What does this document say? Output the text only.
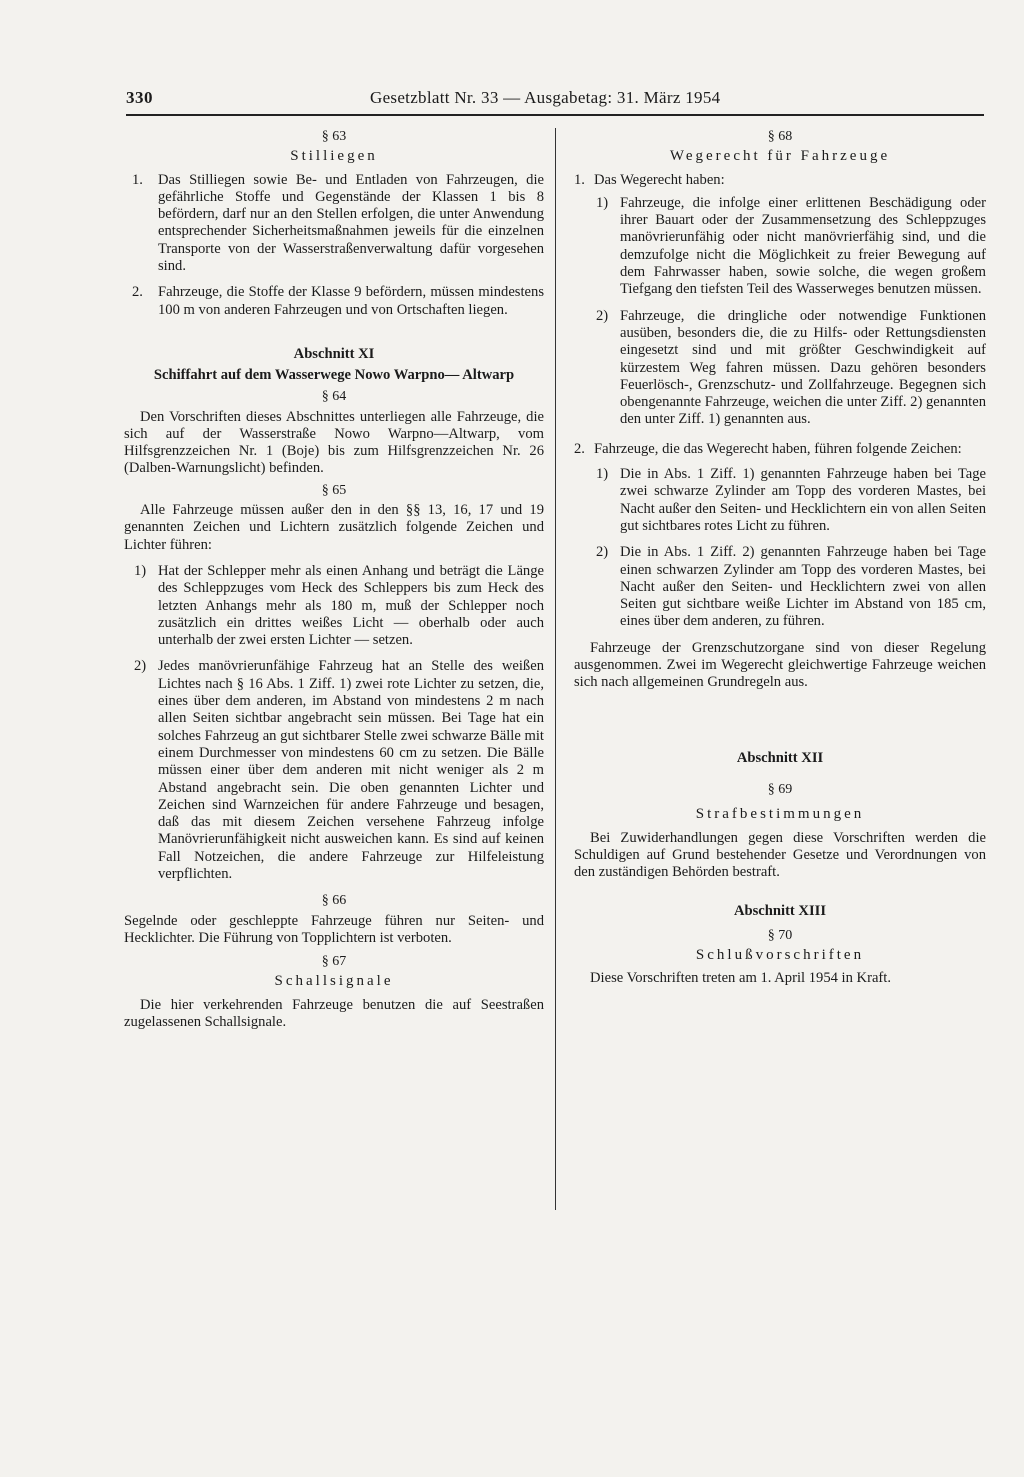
330	Gesetzblatt Nr. 33 — Ausgabetag: 31. März 1954
§ 63
Stilliegen
1. Das Stilliegen sowie Be- und Entladen von Fahrzeugen, die gefährliche Stoffe und Gegenstände der Klassen 1 bis 8 befördern, darf nur an den Stellen erfolgen, die unter Anwendung entsprechender Sicherheitsmaßnahmen jeweils für die einzelnen Transporte von der Wasserstraßenverwaltung dafür vorgesehen sind.

2. Fahrzeuge, die Stoffe der Klasse 9 befördern, müssen mindestens 100 m von anderen Fahrzeugen und von Ortschaften liegen.

Abschnitt XI
Schiffahrt auf dem Wasserwege Nowo Warpno— Altwarp
§ 64

Den Vorschriften dieses Abschnittes unterliegen alle Fahrzeuge, die sich auf der Wasserstraße Nowo Warpno—Altwarp, vom Hilfsgrenzzeichen Nr. 1 (Boje) bis zum Hilfsgrenzzeichen Nr. 26 (Dalben-Warnungslicht) befinden.

§ 65

Alle Fahrzeuge müssen außer den in den §§ 13, 16, 17 und 19 genannten Zeichen und Lichtern zusätzlich folgende Zeichen und Lichter führen:

1) Hat der Schlepper mehr als einen Anhang und beträgt die Länge des Schleppzuges vom Heck des Schleppers bis zum Heck des letzten Anhangs mehr als 180 m, muß der Schlepper noch zusätzlich ein drittes weißes Licht — oberhalb oder auch unterhalb der zwei ersten Lichter — setzen.

2) Jedes manövrierunfähige Fahrzeug hat an Stelle des weißen Lichtes nach § 16 Abs. 1 Ziff. 1) zwei rote Lichter zu setzen, die, eines über dem anderen, im Abstand von mindestens 2 m nach allen Seiten sichtbar angebracht sein müssen. Bei Tage hat ein solches Fahrzeug an gut sichtbarer Stelle zwei schwarze Bälle mit einem Durchmesser von mindestens 60 cm zu setzen. Die Bälle müssen einer über dem anderen mit nicht weniger als 2 m Abstand angebracht sein. Die oben genannten Lichter und Zeichen sind Warnzeichen für andere Fahrzeuge und besagen, daß das mit diesem Zeichen versehene Fahrzeug infolge Manövrierunfähigkeit nicht ausweichen kann. Es sind auf keinen Fall Notzeichen, die andere Fahrzeuge zur Hilfeleistung verpflichten.

§ 66

Segelnde oder geschleppte Fahrzeuge führen nur Seiten- und Hecklichter. Die Führung von Topplichtern ist verboten.

§ 67
Schallsignale

Die hier verkehrenden Fahrzeuge benutzen die auf Seestraßen zugelassenen Schallsignale.

§ 68
Wegerecht für Fahrzeuge
1. Das Wegerecht haben:

1) Fahrzeuge, die infolge einer erlittenen Beschädigung oder ihrer Bauart oder der Zusammensetzung des Schleppzuges manövrierunfähig oder nicht manövrierfähig sind, und die demzufolge nicht die Möglichkeit zu freier Bewegung auf dem Fahrwasser haben, sowie solche, die wegen großem Tiefgang den tiefsten Teil des Wasserweges benutzen müssen.

2) Fahrzeuge, die dringliche oder notwendige Funktionen ausüben, besonders die, die zu Hilfs- oder Rettungsdiensten eingesetzt sind und mit größter Geschwindigkeit auf kürzestem Weg fahren müssen. Dazu gehören besonders Feuerlösch-, Grenzschutz- und Zollfahrzeuge. Begegnen sich obengenannte Fahrzeuge, weichen die unter Ziff. 2) genannten den unter Ziff. 1) genannten aus.

2. Fahrzeuge, die das Wegerecht haben, führen folgende Zeichen:

1) Die in Abs. 1 Ziff. 1) genannten Fahrzeuge haben bei Tage zwei schwarze Zylinder am Topp des vorderen Mastes, bei Nacht außer den Seiten- und Hecklichtern ein von allen Seiten gut sichtbares rotes Licht zu führen.

2) Die in Abs. 1 Ziff. 2) genannten Fahrzeuge haben bei Tage einen schwarzen Zylinder am Topp des vorderen Mastes, bei Nacht außer den Seiten- und Hecklichtern zwei von allen Seiten gut sichtbare weiße Lichter im Abstand von 185 cm, eines über dem anderen, zu führen.

Fahrzeuge der Grenzschutzorgane sind von dieser Regelung ausgenommen. Zwei im Wegerecht gleichwertige Fahrzeuge weichen sich nach allgemeinen Grundregeln aus.

Abschnitt XII
§ 69
Strafbestimmungen

Bei Zuwiderhandlungen gegen diese Vorschriften werden die Schuldigen auf Grund bestehender Gesetze und Verordnungen von den zuständigen Behörden bestraft.

Abschnitt XIII
§ 70
Schlußvorschriften

Diese Vorschriften treten am 1. April 1954 in Kraft.
